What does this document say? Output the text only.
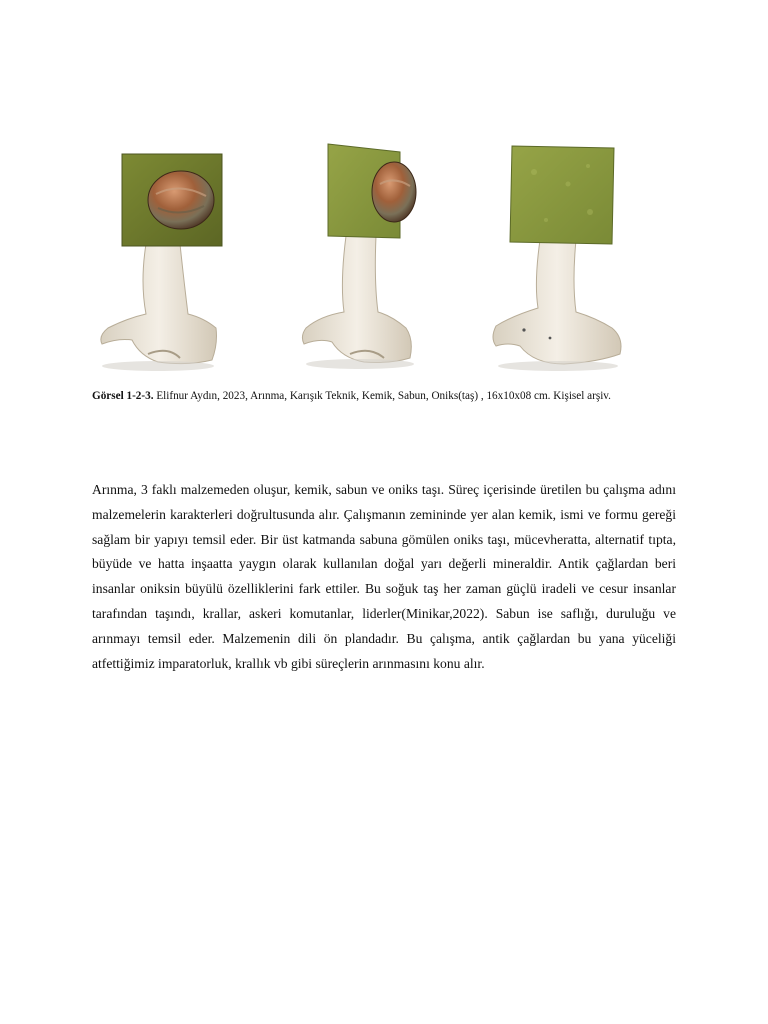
Görsel 1-2-3. Elifnur Aydın, 2023, Arınma, Karışık Teknik, Kemik, Sabun, Oniks(taş) , 16x10x08 cm. Kişisel arşiv.

Arınma, 3 faklı malzemeden oluşur, kemik, sabun ve oniks taşı. Süreç içerisinde üretilen bu çalışma adını malzemelerin karakterleri doğrultusunda alır. Çalışmanın zemininde yer alan kemik, ismi ve formu gereği sağlam bir yapıyı temsil eder. Bir üst katmanda sabuna gömülen oniks taşı, mücevheratta, alternatif tıpta, büyüde ve hatta inşaatta yaygın olarak kullanılan doğal yarı değerli mineraldir. Antik çağlardan beri insanlar oniksin büyülü özelliklerini fark ettiler. Bu soğuk taş her zaman güçlü iradeli ve cesur insanlar tarafından taşındı, krallar, askeri komutanlar, liderler(Minikar,2022). Sabun ise saflığı, duruluğu ve arınmayı temsil eder. Malzemenin dili ön plandadır. Bu çalışma, antik çağlardan bu yana yüceliği atfettiğimiz imparatorluk, krallık vb gibi süreçlerin arınmasını konu alır.
